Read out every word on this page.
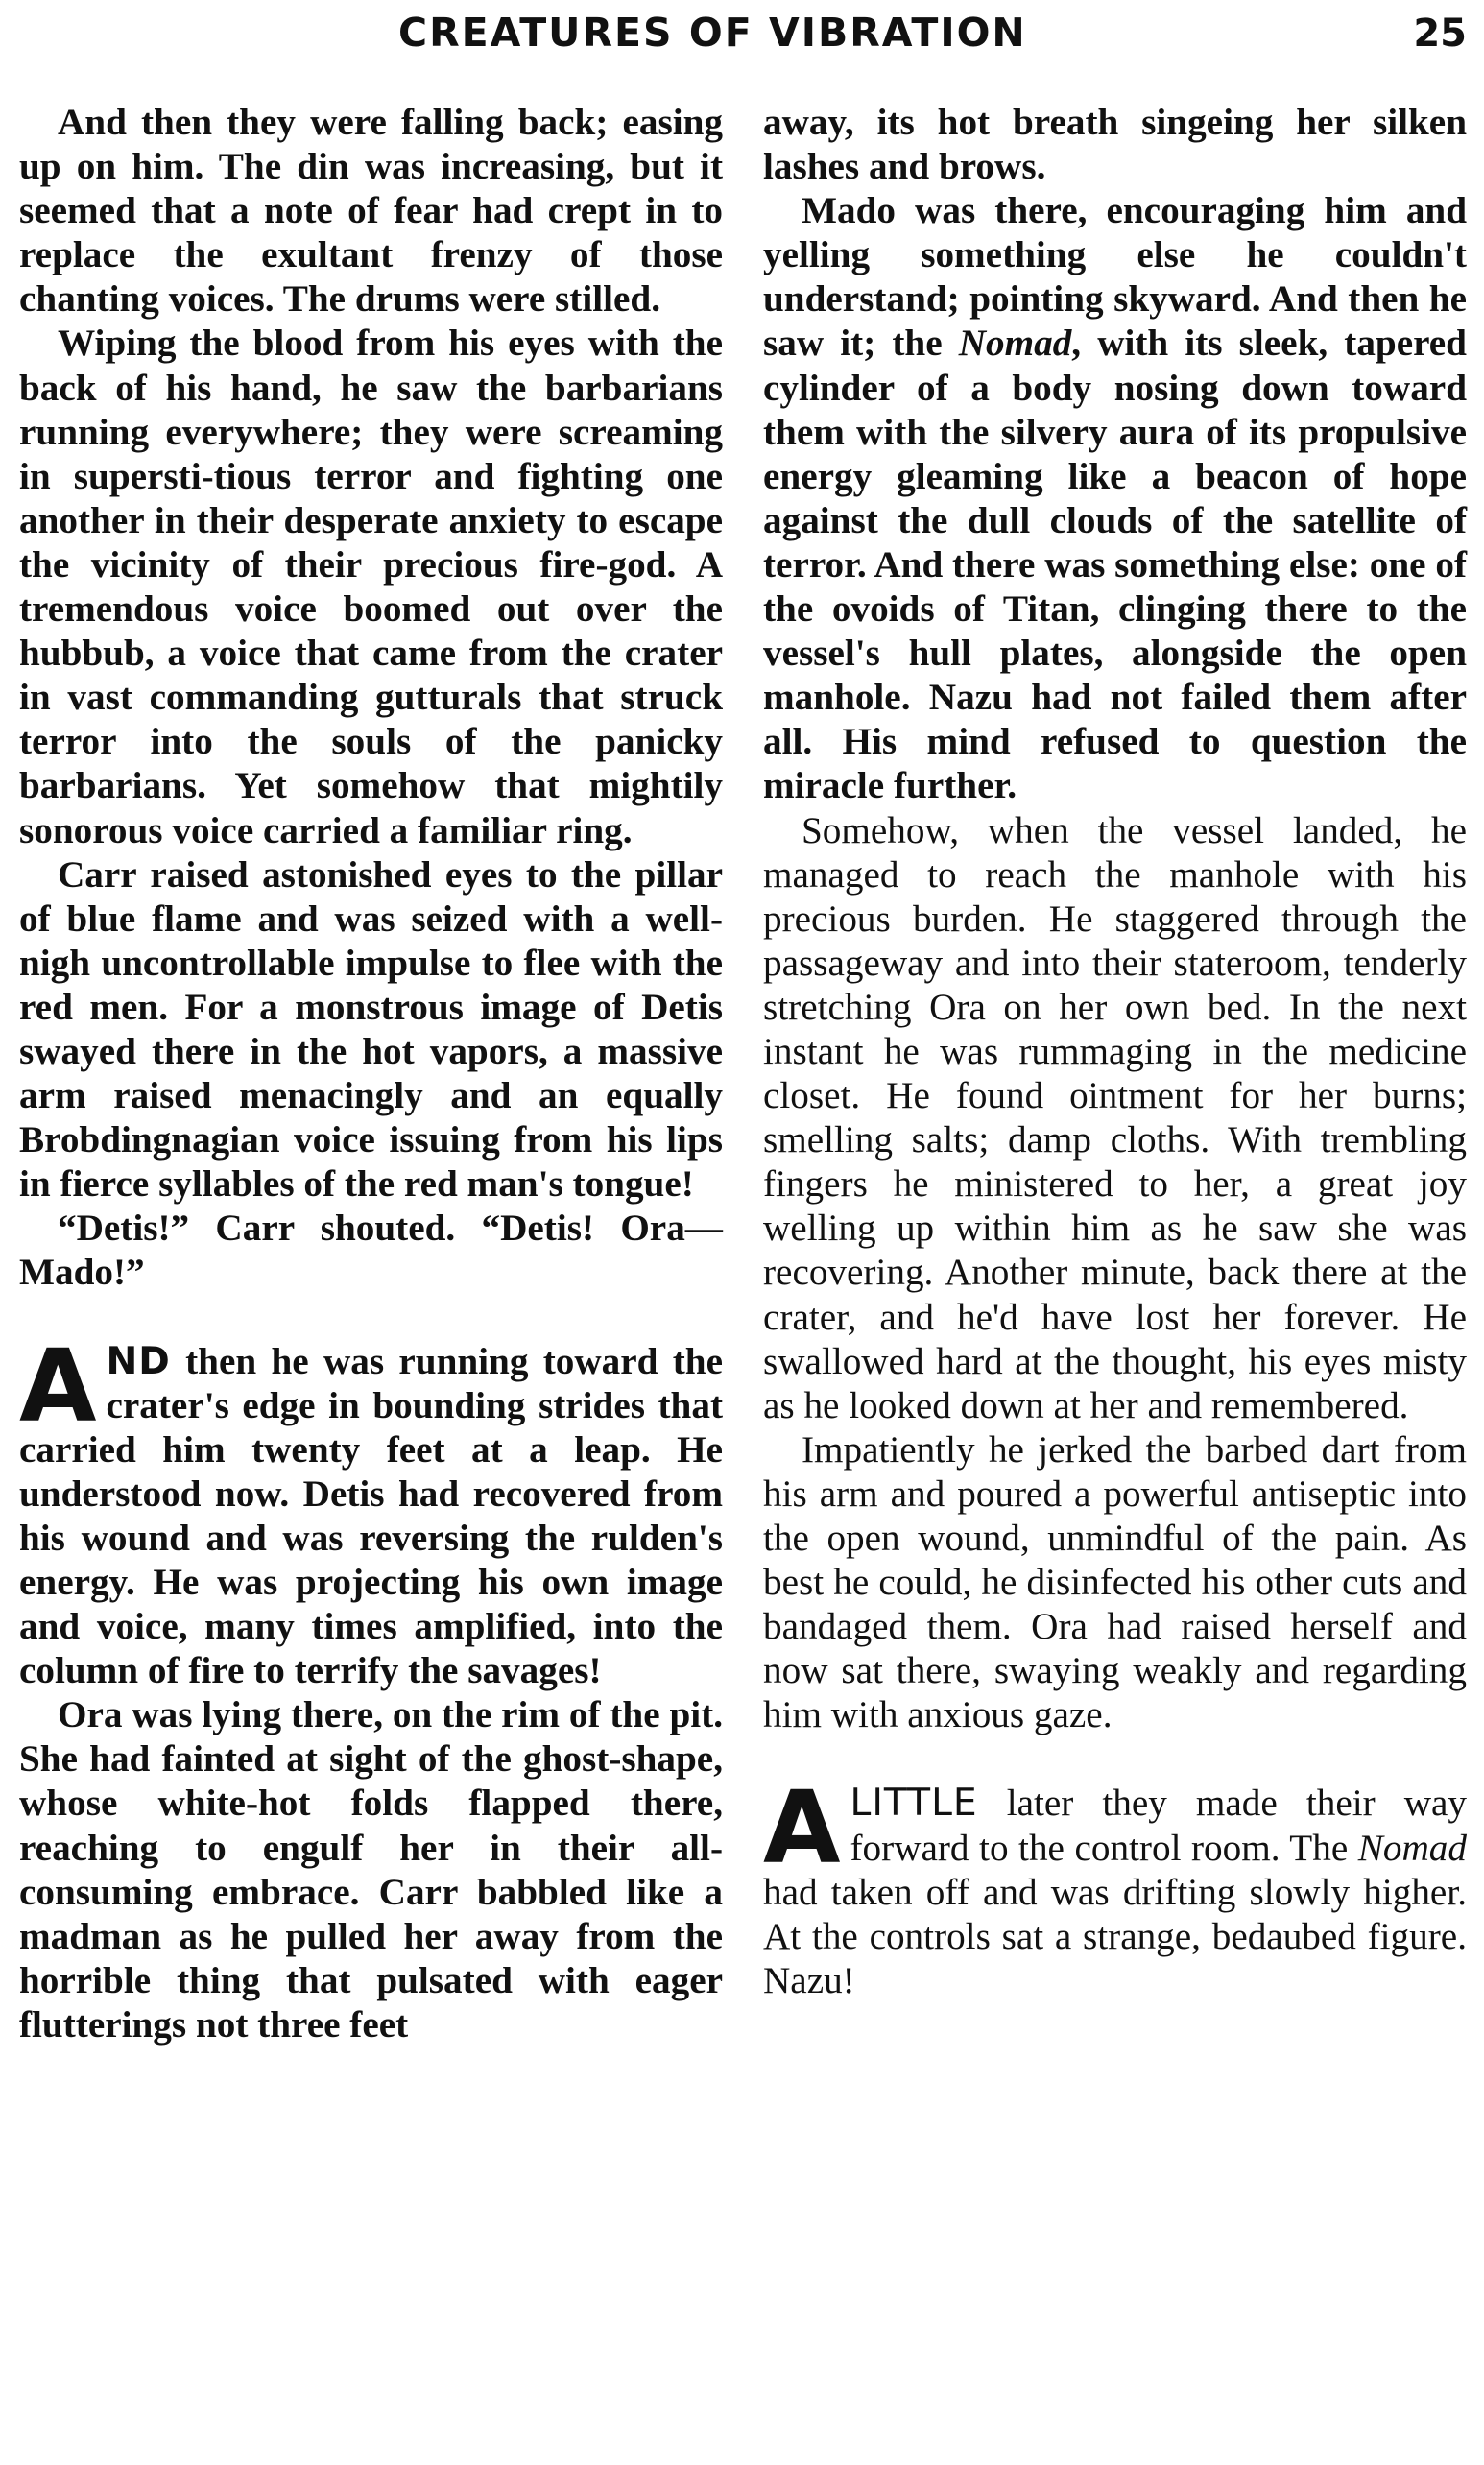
CREATURES OF VIBRATION	25

And then they were falling back; easing up on him. The din was increasing, but it seemed that a note of fear had crept in to replace the exultant frenzy of those chanting voices. The drums were stilled.

Wiping the blood from his eyes with the back of his hand, he saw the barbarians running everywhere; they were screaming in supersti-tious terror and fighting one another in their desperate anxiety to escape the vicinity of their precious fire-god. A tremendous voice boomed out over the hubbub, a voice that came from the crater in vast commanding gutturals that struck terror into the souls of the panicky barbarians. Yet somehow that mightily sonorous voice carried a familiar ring.

Carr raised astonished eyes to the pillar of blue flame and was seized with a well-nigh uncontrollable impulse to flee with the red men. For a monstrous image of Detis swayed there in the hot vapors, a massive arm raised menacingly and an equally Brobdingnagian voice issuing from his lips in fierce syllables of the red man's tongue!

“Detis!” Carr shouted. “Detis! Ora—Mado!”

AND then he was running toward the crater's edge in bounding strides that carried him twenty feet at a leap. He understood now. Detis had recovered from his wound and was reversing the rulden's energy. He was projecting his own image and voice, many times amplified, into the column of fire to terrify the savages!

Ora was lying there, on the rim of the pit. She had fainted at sight of the ghost-shape, whose white-hot folds flapped there, reaching to engulf her in their all-consuming embrace. Carr babbled like a madman as he pulled her away from the horrible thing that pulsated with eager flutterings not three feet

away, its hot breath singeing her silken lashes and brows.

Mado was there, encouraging him and yelling something else he couldn't understand; pointing skyward. And then he saw it; the Nomad, with its sleek, tapered cylinder of a body nosing down toward them with the silvery aura of its propulsive energy gleaming like a beacon of hope against the dull clouds of the satellite of terror. And there was something else: one of the ovoids of Titan, clinging there to the vessel's hull plates, alongside the open manhole. Nazu had not failed them after all. His mind refused to question the miracle further.

Somehow, when the vessel landed, he managed to reach the manhole with his precious burden. He staggered through the passageway and into their stateroom, tenderly stretching Ora on her own bed. In the next instant he was rummaging in the medicine closet. He found ointment for her burns; smelling salts; damp cloths. With trembling fingers he ministered to her, a great joy welling up within him as he saw she was recovering. Another minute, back there at the crater, and he'd have lost her forever. He swallowed hard at the thought, his eyes misty as he looked down at her and remembered.

Impatiently he jerked the barbed dart from his arm and poured a powerful antiseptic into the open wound, unmindful of the pain. As best he could, he disinfected his other cuts and bandaged them. Ora had raised herself and now sat there, swaying weakly and regarding him with anxious gaze.

A LITTLE later they made their way forward to the control room. The Nomad had taken off and was drifting slowly higher. At the controls sat a strange, bedaubed figure. Nazu!
